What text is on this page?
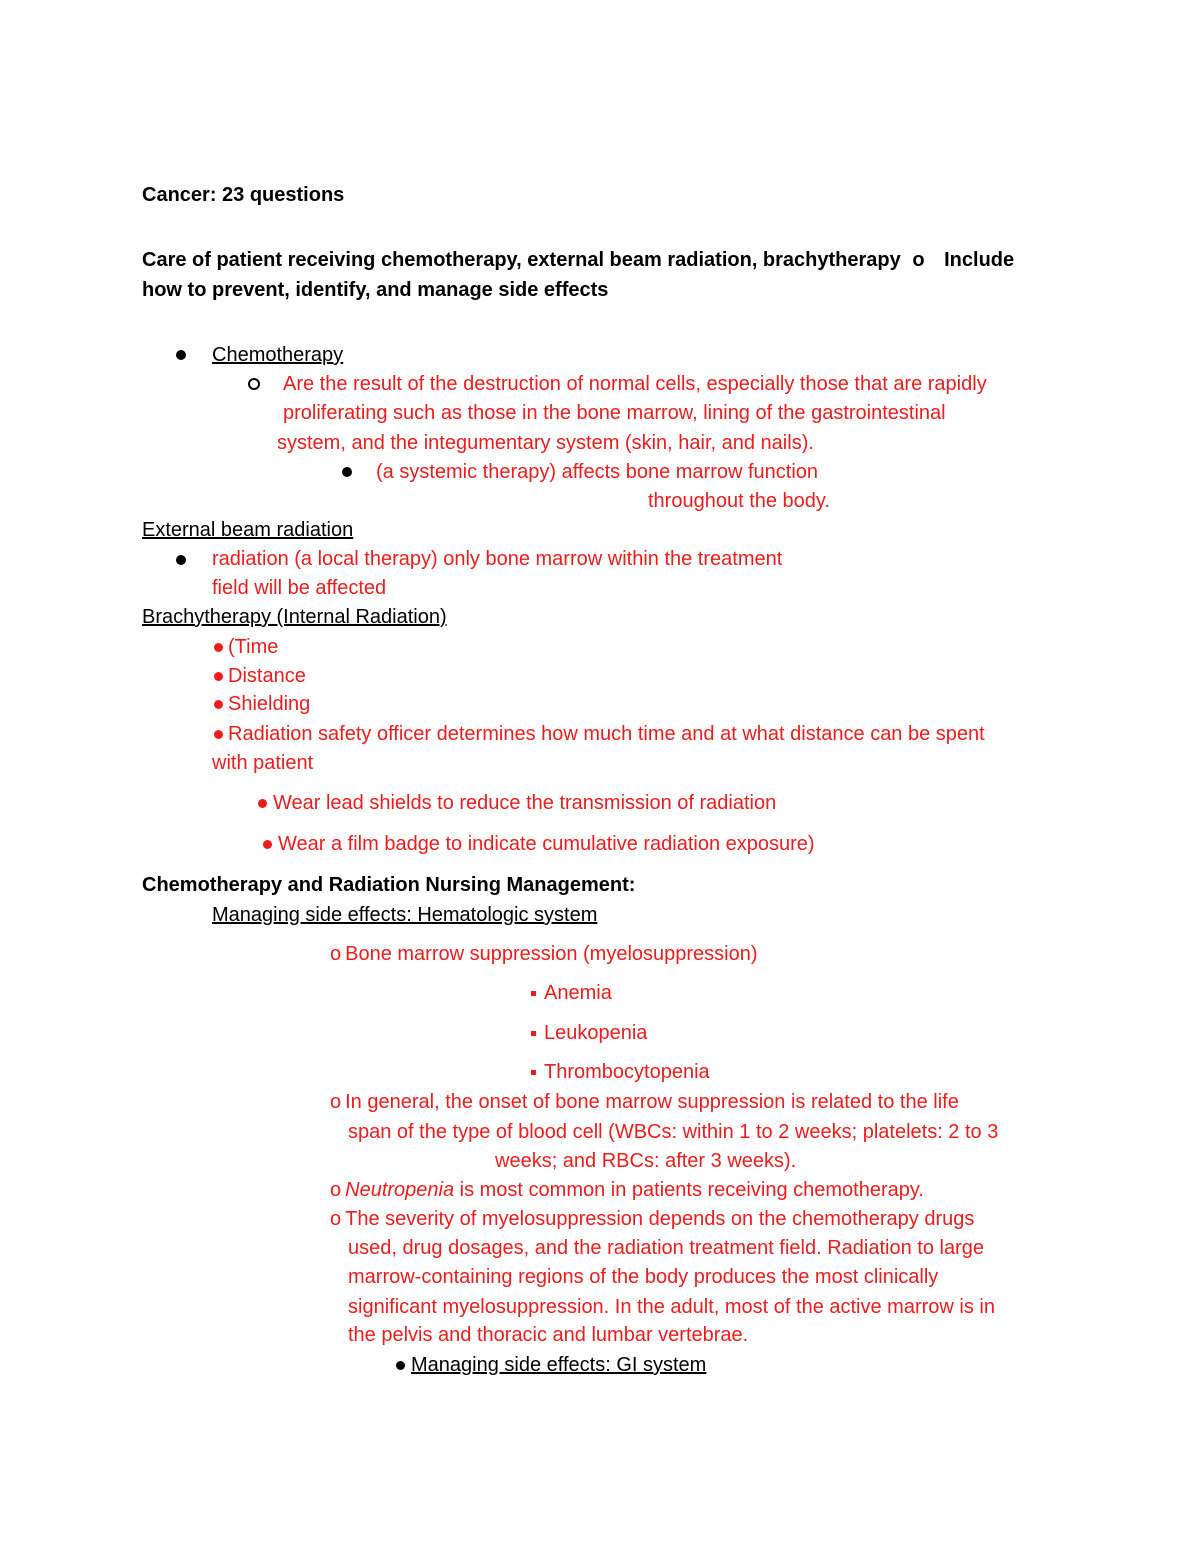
Cancer: 23 questions
Care of patient receiving chemotherapy, external beam radiation, brachytherapy o Include
how to prevent, identify, and manage side effects
Chemotherapy
Are the result of the destruction of normal cells, especially those that are rapidly
proliferating such as those in the bone marrow, lining of the gastrointestinal
system, and the integumentary system (skin, hair, and nails).
(a systemic therapy) affects bone marrow function
throughout the body.
External beam radiation
radiation (a local therapy) only bone marrow within the treatment
field will be affected
Brachytherapy (Internal Radiation)
(Time
Distance
Shielding
Radiation safety officer determines how much time and at what distance can be spent
with patient
Wear lead shields to reduce the transmission of radiation
Wear a film badge to indicate cumulative radiation exposure)
Chemotherapy and Radiation Nursing Management:
Managing side effects: Hematologic system
o Bone marrow suppression (myelosuppression)
Anemia
Leukopenia
Thrombocytopenia
o In general, the onset of bone marrow suppression is related to the life
span of the type of blood cell (WBCs: within 1 to 2 weeks; platelets: 2 to 3
weeks; and RBCs: after 3 weeks).
o Neutropenia is most common in patients receiving chemotherapy.
o The severity of myelosuppression depends on the chemotherapy drugs
used, drug dosages, and the radiation treatment field. Radiation to large
marrow-containing regions of the body produces the most clinically
significant myelosuppression. In the adult, most of the active marrow is in
the pelvis and thoracic and lumbar vertebrae.
Managing side effects: GI system
